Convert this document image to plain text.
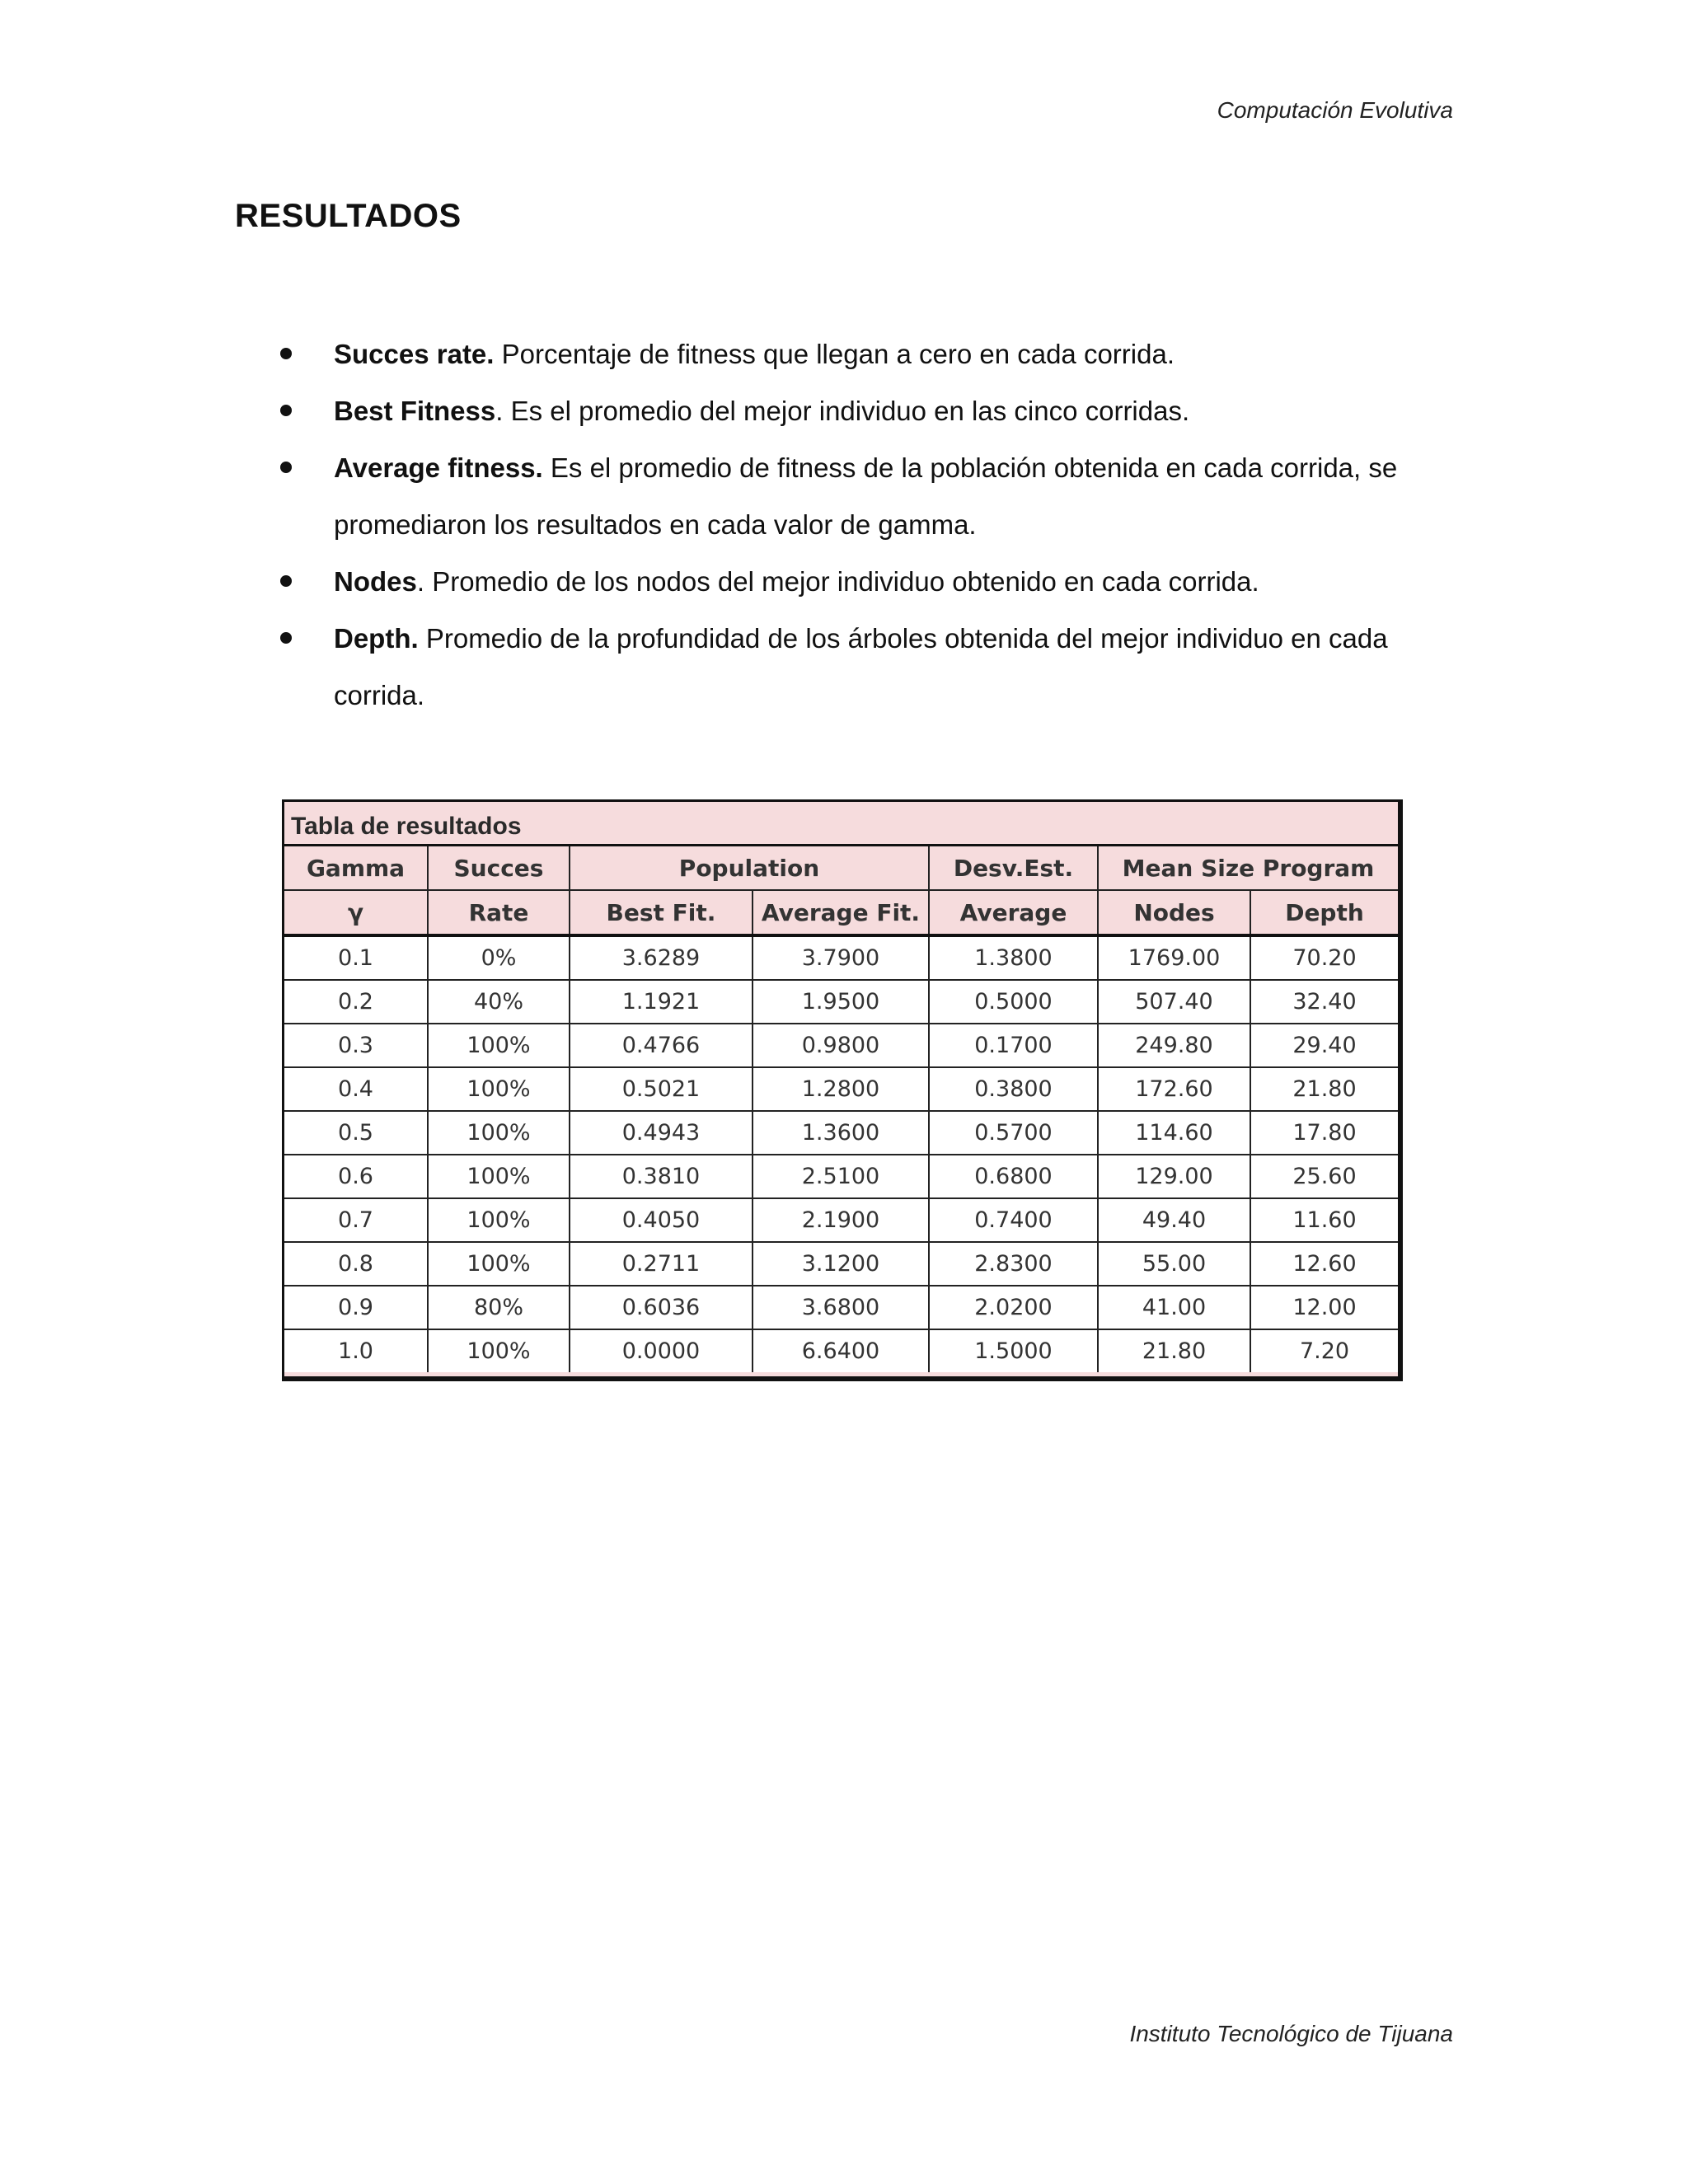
Computación Evolutiva
RESULTADOS
Succes rate. Porcentaje de fitness que llegan a cero en cada corrida.
Best Fitness. Es el promedio del mejor individuo en las cinco corridas.
Average fitness. Es el promedio de fitness de la población obtenida en cada corrida, se promediaron los resultados en cada valor de gamma.
Nodes. Promedio de los nodos del mejor individuo obtenido en cada corrida.
Depth. Promedio de la profundidad de los árboles obtenida del mejor individuo en cada corrida.
Tabla de resultados
Gamma	Succes	Population		Desv.Est.	Mean Size Program	
γ	Rate	Best Fit.	Average Fit.	Average	Nodes	Depth
0.1	0%	3.6289	3.7900	1.3800	1769.00	70.20
0.2	40%	1.1921	1.9500	0.5000	507.40	32.40
0.3	100%	0.4766	0.9800	0.1700	249.80	29.40
0.4	100%	0.5021	1.2800	0.3800	172.60	21.80
0.5	100%	0.4943	1.3600	0.5700	114.60	17.80
0.6	100%	0.3810	2.5100	0.6800	129.00	25.60
0.7	100%	0.4050	2.1900	0.7400	49.40	11.60
0.8	100%	0.2711	3.1200	2.8300	55.00	12.60
0.9	80%	0.6036	3.6800	2.0200	41.00	12.00
1.0	100%	0.0000	6.6400	1.5000	21.80	7.20
Instituto Tecnológico de Tijuana
